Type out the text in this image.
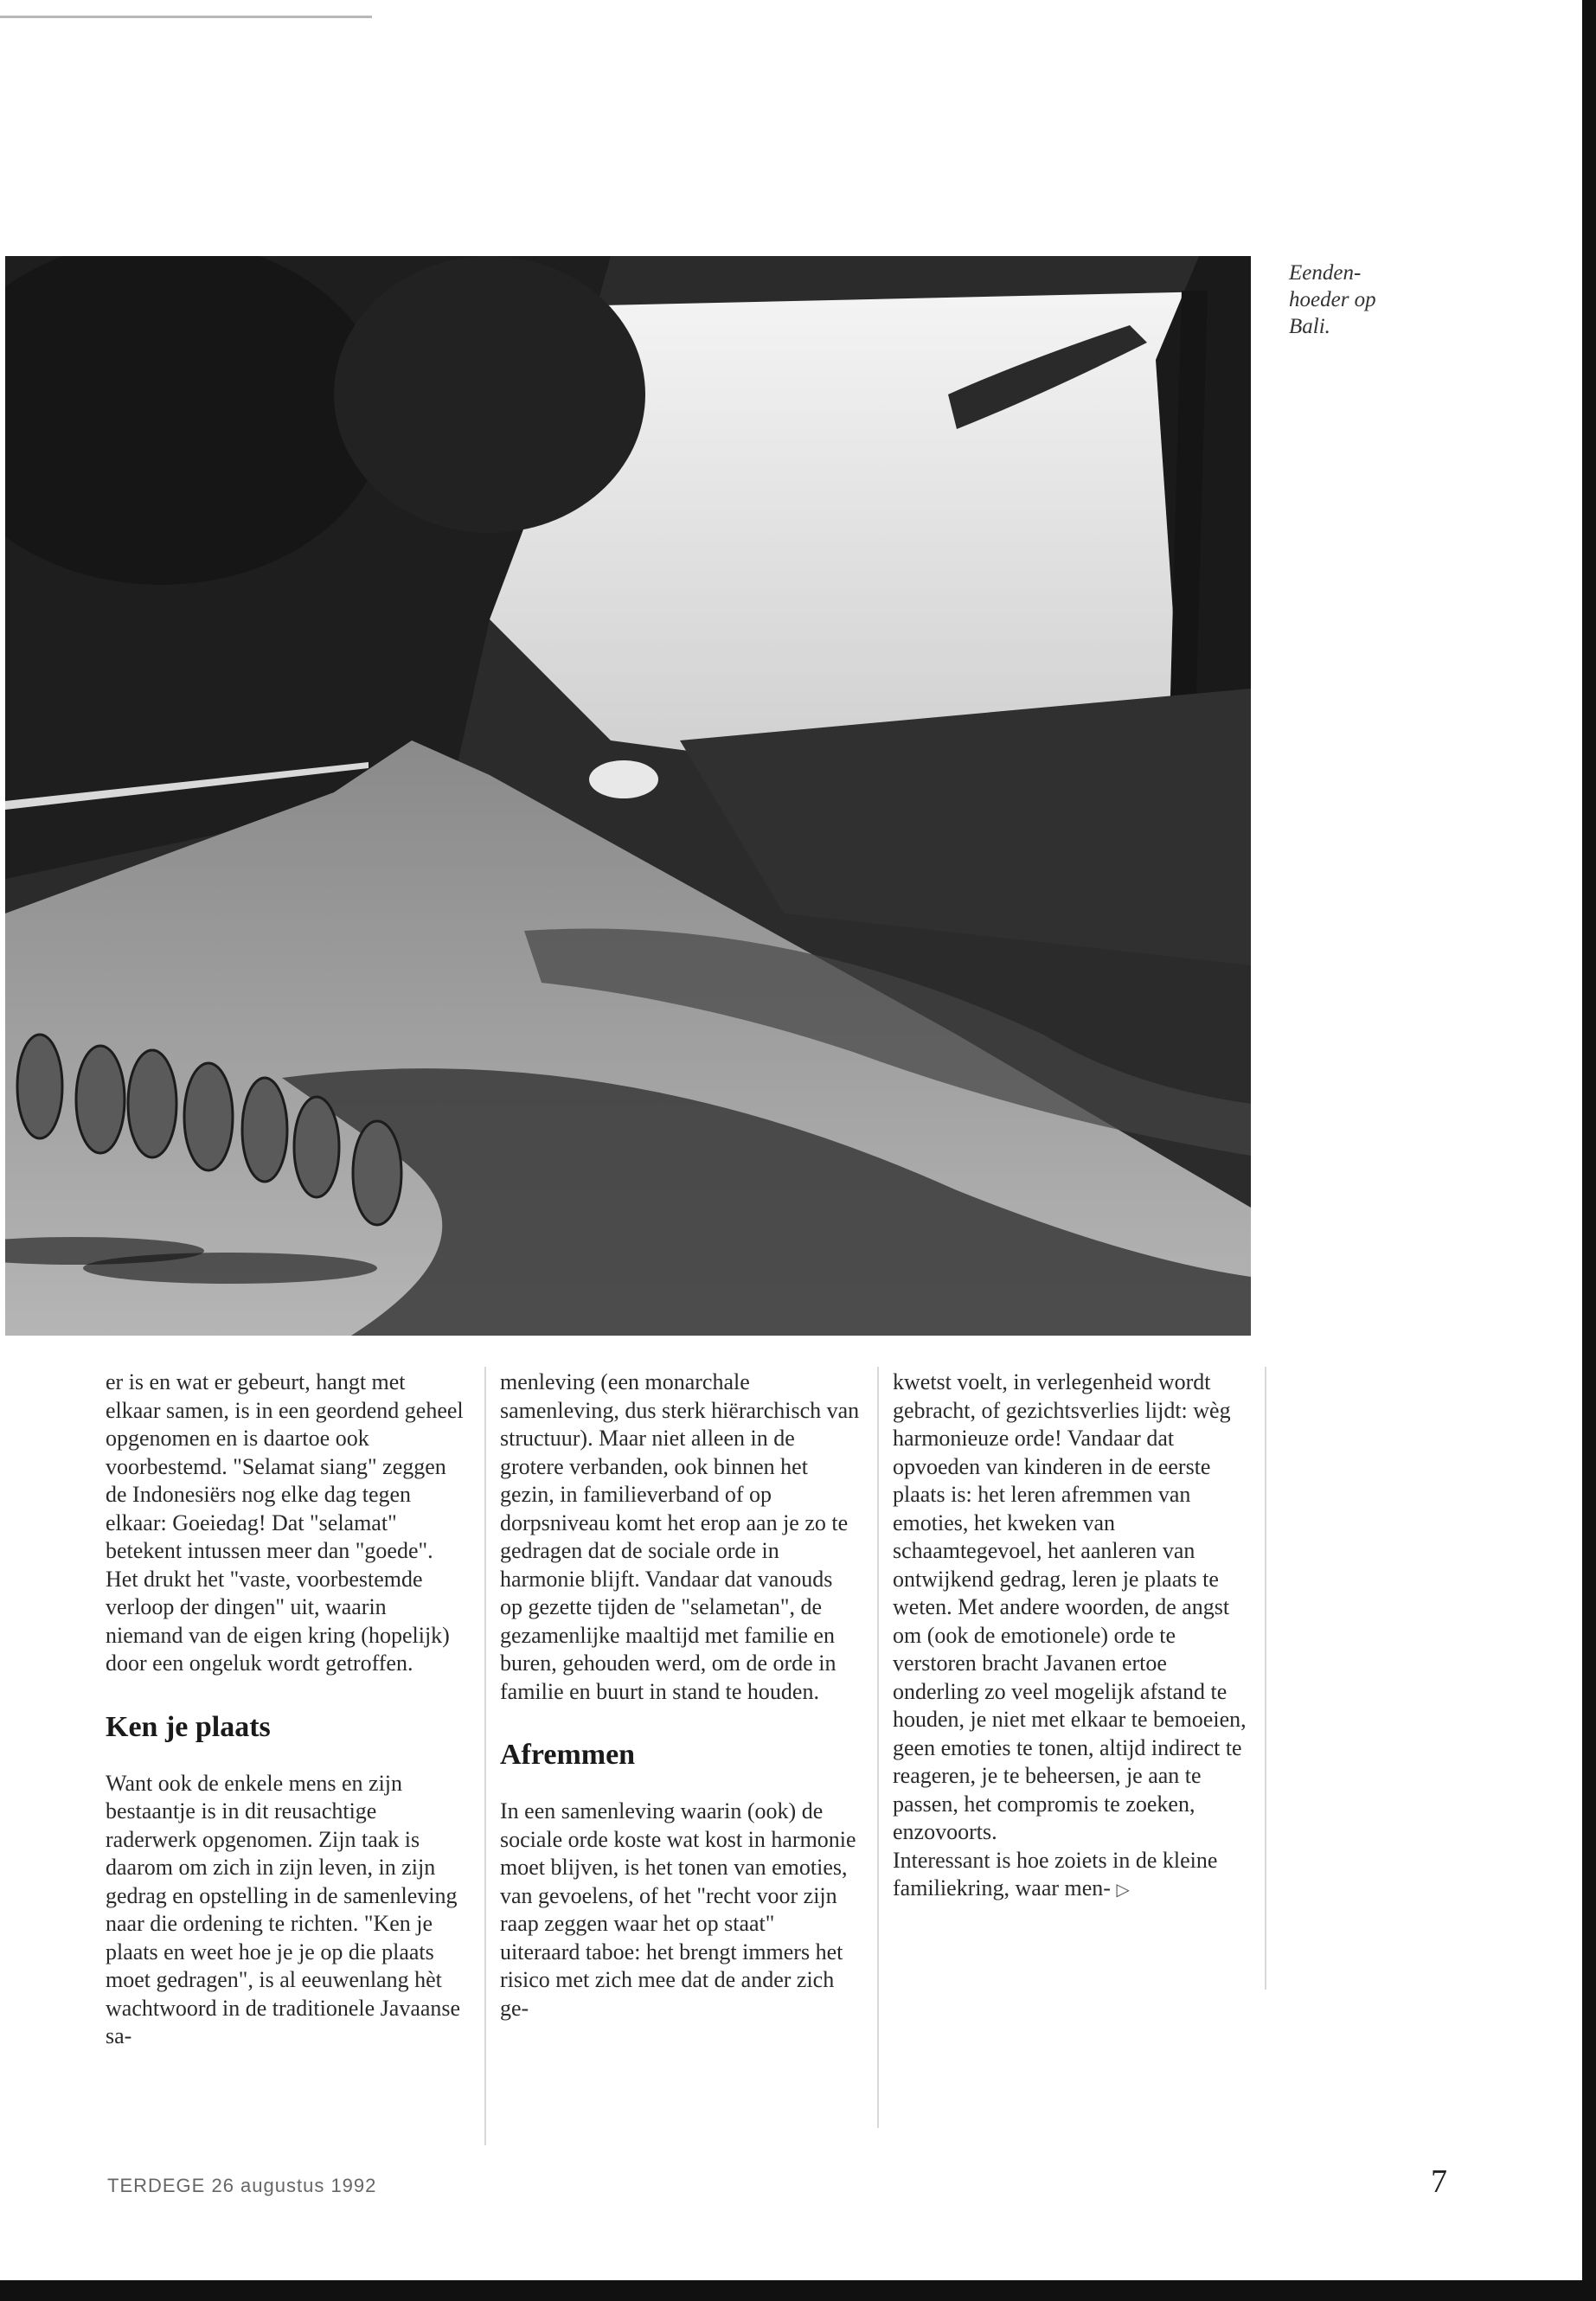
Eenden-
hoeder op
Bali.

er is en wat er gebeurt, hangt met elkaar samen, is in een geordend geheel opgenomen en is daartoe ook voorbestemd. "Selamat siang" zeggen de Indonesiërs nog elke dag tegen elkaar: Goeiedag! Dat "selamat" betekent intussen meer dan "goede". Het drukt het "vaste, voorbestemde verloop der dingen" uit, waarin niemand van de eigen kring (hopelijk) door een ongeluk wordt getroffen.

Ken je plaats

Want ook de enkele mens en zijn bestaantje is in dit reusachtige raderwerk opgenomen. Zijn taak is daarom om zich in zijn leven, in zijn gedrag en opstelling in de samenleving naar die ordening te richten. "Ken je plaats en weet hoe je je op die plaats moet gedragen", is al eeuwenlang hèt wachtwoord in de traditionele Javaanse sa-

menleving (een monarchale samenleving, dus sterk hiërarchisch van structuur). Maar niet alleen in de grotere verbanden, ook binnen het gezin, in familieverband of op dorpsniveau komt het erop aan je zo te gedragen dat de sociale orde in harmonie blijft. Vandaar dat vanouds op gezette tijden de "selametan", de gezamenlijke maaltijd met familie en buren, gehouden werd, om de orde in familie en buurt in stand te houden.

Afremmen

In een samenleving waarin (ook) de sociale orde koste wat kost in harmonie moet blijven, is het tonen van emoties, van gevoelens, of het "recht voor zijn raap zeggen waar het op staat" uiteraard taboe: het brengt immers het risico met zich mee dat de ander zich ge-

kwetst voelt, in verlegenheid wordt gebracht, of gezichtsverlies lijdt: wèg harmonieuze orde! Vandaar dat opvoeden van kinderen in de eerste plaats is: het leren afremmen van emoties, het kweken van schaamtegevoel, het aanleren van ontwijkend gedrag, leren je plaats te weten. Met andere woorden, de angst om (ook de emotionele) orde te verstoren bracht Javanen ertoe onderling zo veel mogelijk afstand te houden, je niet met elkaar te bemoeien, geen emoties te tonen, altijd indirect te reageren, je te beheersen, je aan te passen, het compromis te zoeken, enzovoorts.

Interessant is hoe zoiets in de kleine familiekring, waar men- ▷

TERDEGE 26 augustus 1992	7
